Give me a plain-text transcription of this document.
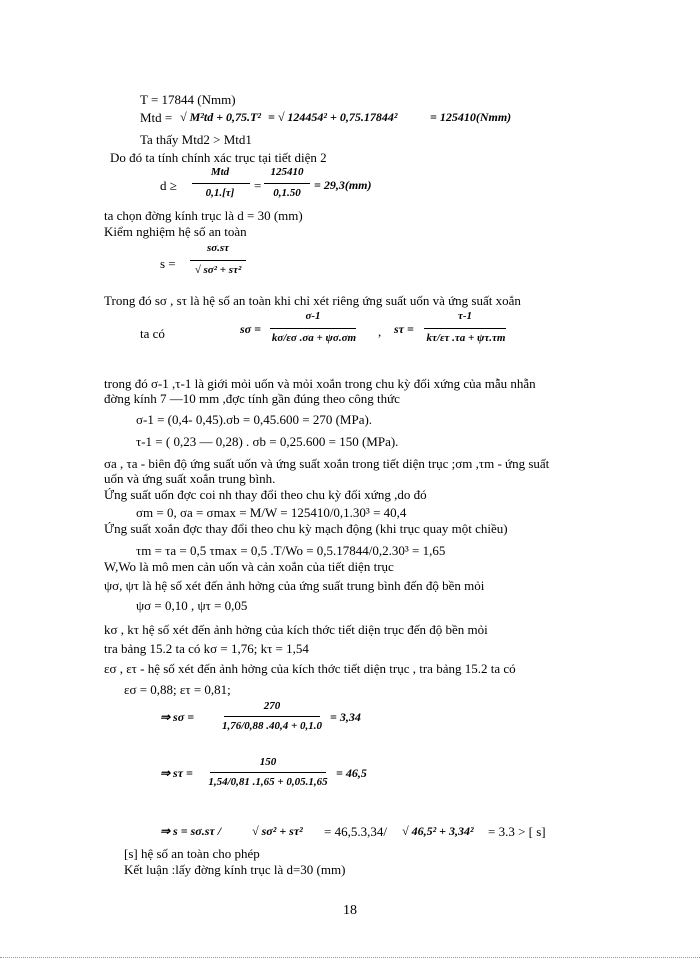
T = 17844 (Nmm)
Mtd = √ M²td + 0,75.T² = √ 124454² + 0,75.17844²	= 125410(Nmm)
Ta thấy Mtd2 > Mtd1
Do đó ta tính chính xác trục tại tiết diện 2
d ≥
Mtd
0,1.[τ]	=
125410
0,1.50
= 29,3(mm)
ta chọn đờng kính trục là d = 30 (mm)
Kiểm nghiệm hệ số an toàn
s =
sσ.sτ
√ sσ² + sτ²
Trong đó sσ , sτ là hệ số an toàn khi chỉ xét riêng ứng suất uốn và ứng suất xoắn
ta có	sσ =
σ-1
kσ/εσ .σa + ψσ.σm	, sτ =
τ-1
kτ/ετ .τa + ψτ.τm
trong đó σ-1 ,τ-1 là giới mỏi uốn và mỏi xoắn trong chu kỳ đối xứng của mẫu nhẵn
đờng kính 7 —10 mm ,đợc tính gần đúng theo công thức
σ-1 = (0,4- 0,45).σb = 0,45.600 = 270 (MPa).
τ-1 = ( 0,23 — 0,28) . σb = 0,25.600 = 150 (MPa).
σa , τa - biên độ ứng suất uốn và ứng suất xoắn trong tiết diện trục ;σm ,τm - ứng suất
uốn và ứng suất xoắn trung bình.
Ứng suất uốn đợc coi nh thay đổi theo chu kỳ đối xứng ,do đó
σm = 0, σa = σmax = M/W = 125410/0,1.30³ = 40,4
Ứng suất xoắn đợc thay đổi theo chu kỳ mạch động (khi trục quay một chiều)
τm = τa = 0,5 τmax = 0,5 .T/Wo = 0,5.17844/0,2.30³ = 1,65
W,Wo là mô men cản uốn và cản xoắn của tiết diện trục
ψσ, ψτ là hệ số xét đến ảnh hởng của ứng suất trung bình đến độ bền mỏi
ψσ = 0,10 , ψτ = 0,05
kσ , kτ hệ số xét đến ảnh hởng của kích thớc tiết diện trục đến độ bền mỏi
tra bảng 15.2 ta có kσ = 1,76; kτ = 1,54
εσ , ετ - hệ số xét đến ảnh hởng của kích thớc tiết diện trục , tra bảng 15.2 ta có
εσ = 0,88; ετ = 0,81;
⇒ sσ =
270
1,76/0,88 .40,4 + 0,1.0
= 3,34
⇒ sτ =
150
1,54/0,81 .1,65 + 0,05.1,65
= 46,5
⇒ s = sσ.sτ /	√ sσ² + sτ² = 46,5.3,34/ √ 46,5² + 3,34² = 3.3 > [ s]
[s] hệ số an toàn cho phép
Kết luận :lấy đờng kính trục là d=30 (mm)
18
